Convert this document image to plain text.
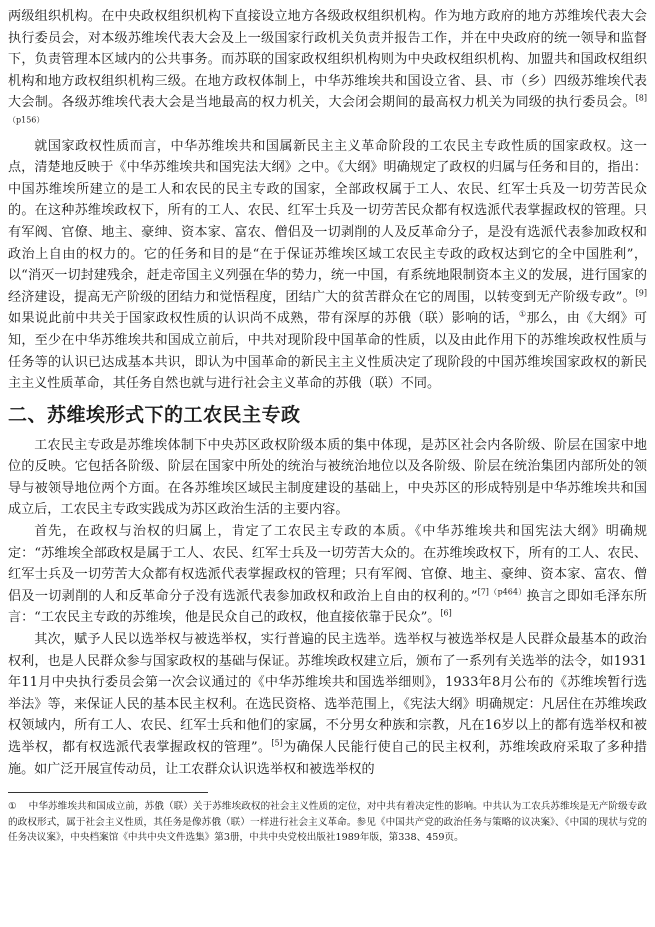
两级组织机构。在中央政权组织机构下直接设立地方各级政权组织机构。作为地方政府的地方苏维埃代表大会执行委员会，对本级苏维埃代表大会及上一级国家行政机关负责并报告工作，并在中央政府的统一领导和监督下，负责管理本区域内的公共事务。而苏联的国家政权组织机构则为中央政权组织机构、加盟共和国政权组织机构和地方政权组织机构三级。在地方政权体制上，中华苏维埃共和国设立省、县、市（乡）四级苏维埃代表大会制。各级苏维埃代表大会是当地最高的权力机关，大会闭会期间的最高权力机关为同级的执行委员会。$^{[8](p156)}$

就国家政权性质而言，中华苏维埃共和国属新民主主义革命阶段的工农民主专政性质的国家政权。这一点，清楚地反映于《中华苏维埃共和国宪法大纲》之中。《大纲》明确规定了政权的归属与任务和目的，指出：中国苏维埃所建立的是工人和农民的民主专政的国家，全部政权属于工人、农民、红军士兵及一切劳苦民众的。在这种苏维埃政权下，所有的工人、农民、红军士兵及一切劳苦民众都有权选派代表掌握政权的管理。只有军阀、官僚、地主、豪绅、资本家、富农、僧侣及一切剥削的人及反革命分子，是没有选派代表参加政权和政治上自由的权力的。它的任务和目的是“在于保证苏维埃区域工农民主专政的政权达到它的全中国胜利”，以“消灭一切封建残余，赶走帝国主义列强在华的势力，统一中国，有系统地限制资本主义的发展，进行国家的经济建设，提高无产阶级的团结力和觉悟程度，团结广大的贫苦群众在它的周围，以转变到无产阶级专政”。[9]如果说此前中共关于国家政权性质的认识尚不成熟，带有深厚的苏俄（联）影响的话，①那么，由《大纲》可知，至少在中华苏维埃共和国成立前后，中共对现阶段中国革命的性质，以及由此作用下的苏维埃政权性质与任务等的认识已达成基本共识，即认为中国革命的新民主主义性质决定了现阶段的中国苏维埃国家政权的新民主主义性质革命，其任务自然也就与进行社会主义革命的苏俄（联）不同。

二、苏维埃形式下的工农民主专政

工农民主专政是苏维埃体制下中央苏区政权阶级本质的集中体现，是苏区社会内各阶级、阶层在国家中地位的反映。它包括各阶级、阶层在国家中所处的统治与被统治地位以及各阶级、阶层在统治集团内部所处的领导与被领导地位两个方面。在各苏维埃区域民主制度建设的基础上，中央苏区的形成特别是中华苏维埃共和国成立后，工农民主专政实践成为苏区政治生活的主要内容。

首先，在政权与治权的归属上，肯定了工农民主专政的本质。《中华苏维埃共和国宪法大纲》明确规定：“苏维埃全部政权是属于工人、农民、红军士兵及一切劳苦大众的。在苏维埃政权下，所有的工人、农民、红军士兵及一切劳苦大众都有权选派代表掌握政权的管理；只有军阀、官僚、地主、豪绅、资本家、富农、僧侣及一切剥削的人和反革命分子没有选派代表参加政权和政治上自由的权利的。”$^{[7](p464)}$换言之即如毛泽东所言：“工农民主专政的苏维埃，他是民众自己的政权，他直接依靠于民众”。[6]

其次，赋予人民以选举权与被选举权，实行普遍的民主选举。选举权与被选举权是人民群众最基本的政治权利，也是人民群众参与国家政权的基础与保证。苏维埃政权建立后，颁布了一系列有关选举的法令，如1931年11月中央执行委员会第一次会议通过的《中华苏维埃共和国选举细则》，1933年8月公布的《苏维埃暂行选举法》等，来保证人民的基本民主权利。在选民资格、选举范围上，《宪法大纲》明确规定：凡居住在苏维埃政权领域内，所有工人、农民、红军士兵和他们的家属，不分男女种族和宗教，凡在16岁以上的都有选举权和被选举权，都有权选派代表掌握政权的管理”。[5]为确保人民能行使自己的民主权利，苏维埃政府采取了多种措施。如广泛开展宣传动员，让工农群众认识选举权和被选举权的

① 中华苏维埃共和国成立前，苏俄（联）关于苏维埃政权的社会主义性质的定位，对中共有着决定性的影响。中共认为工农兵苏维埃是无产阶级专政的政权形式，属于社会主义性质，其任务是像苏俄（联）一样进行社会主义革命。参见《中国共产党的政治任务与策略的议决案》、《中国的现状与党的任务决议案》，中央档案馆《中共中央文件选集》第3册，中共中央党校出版社1989年版，第338、459页。
